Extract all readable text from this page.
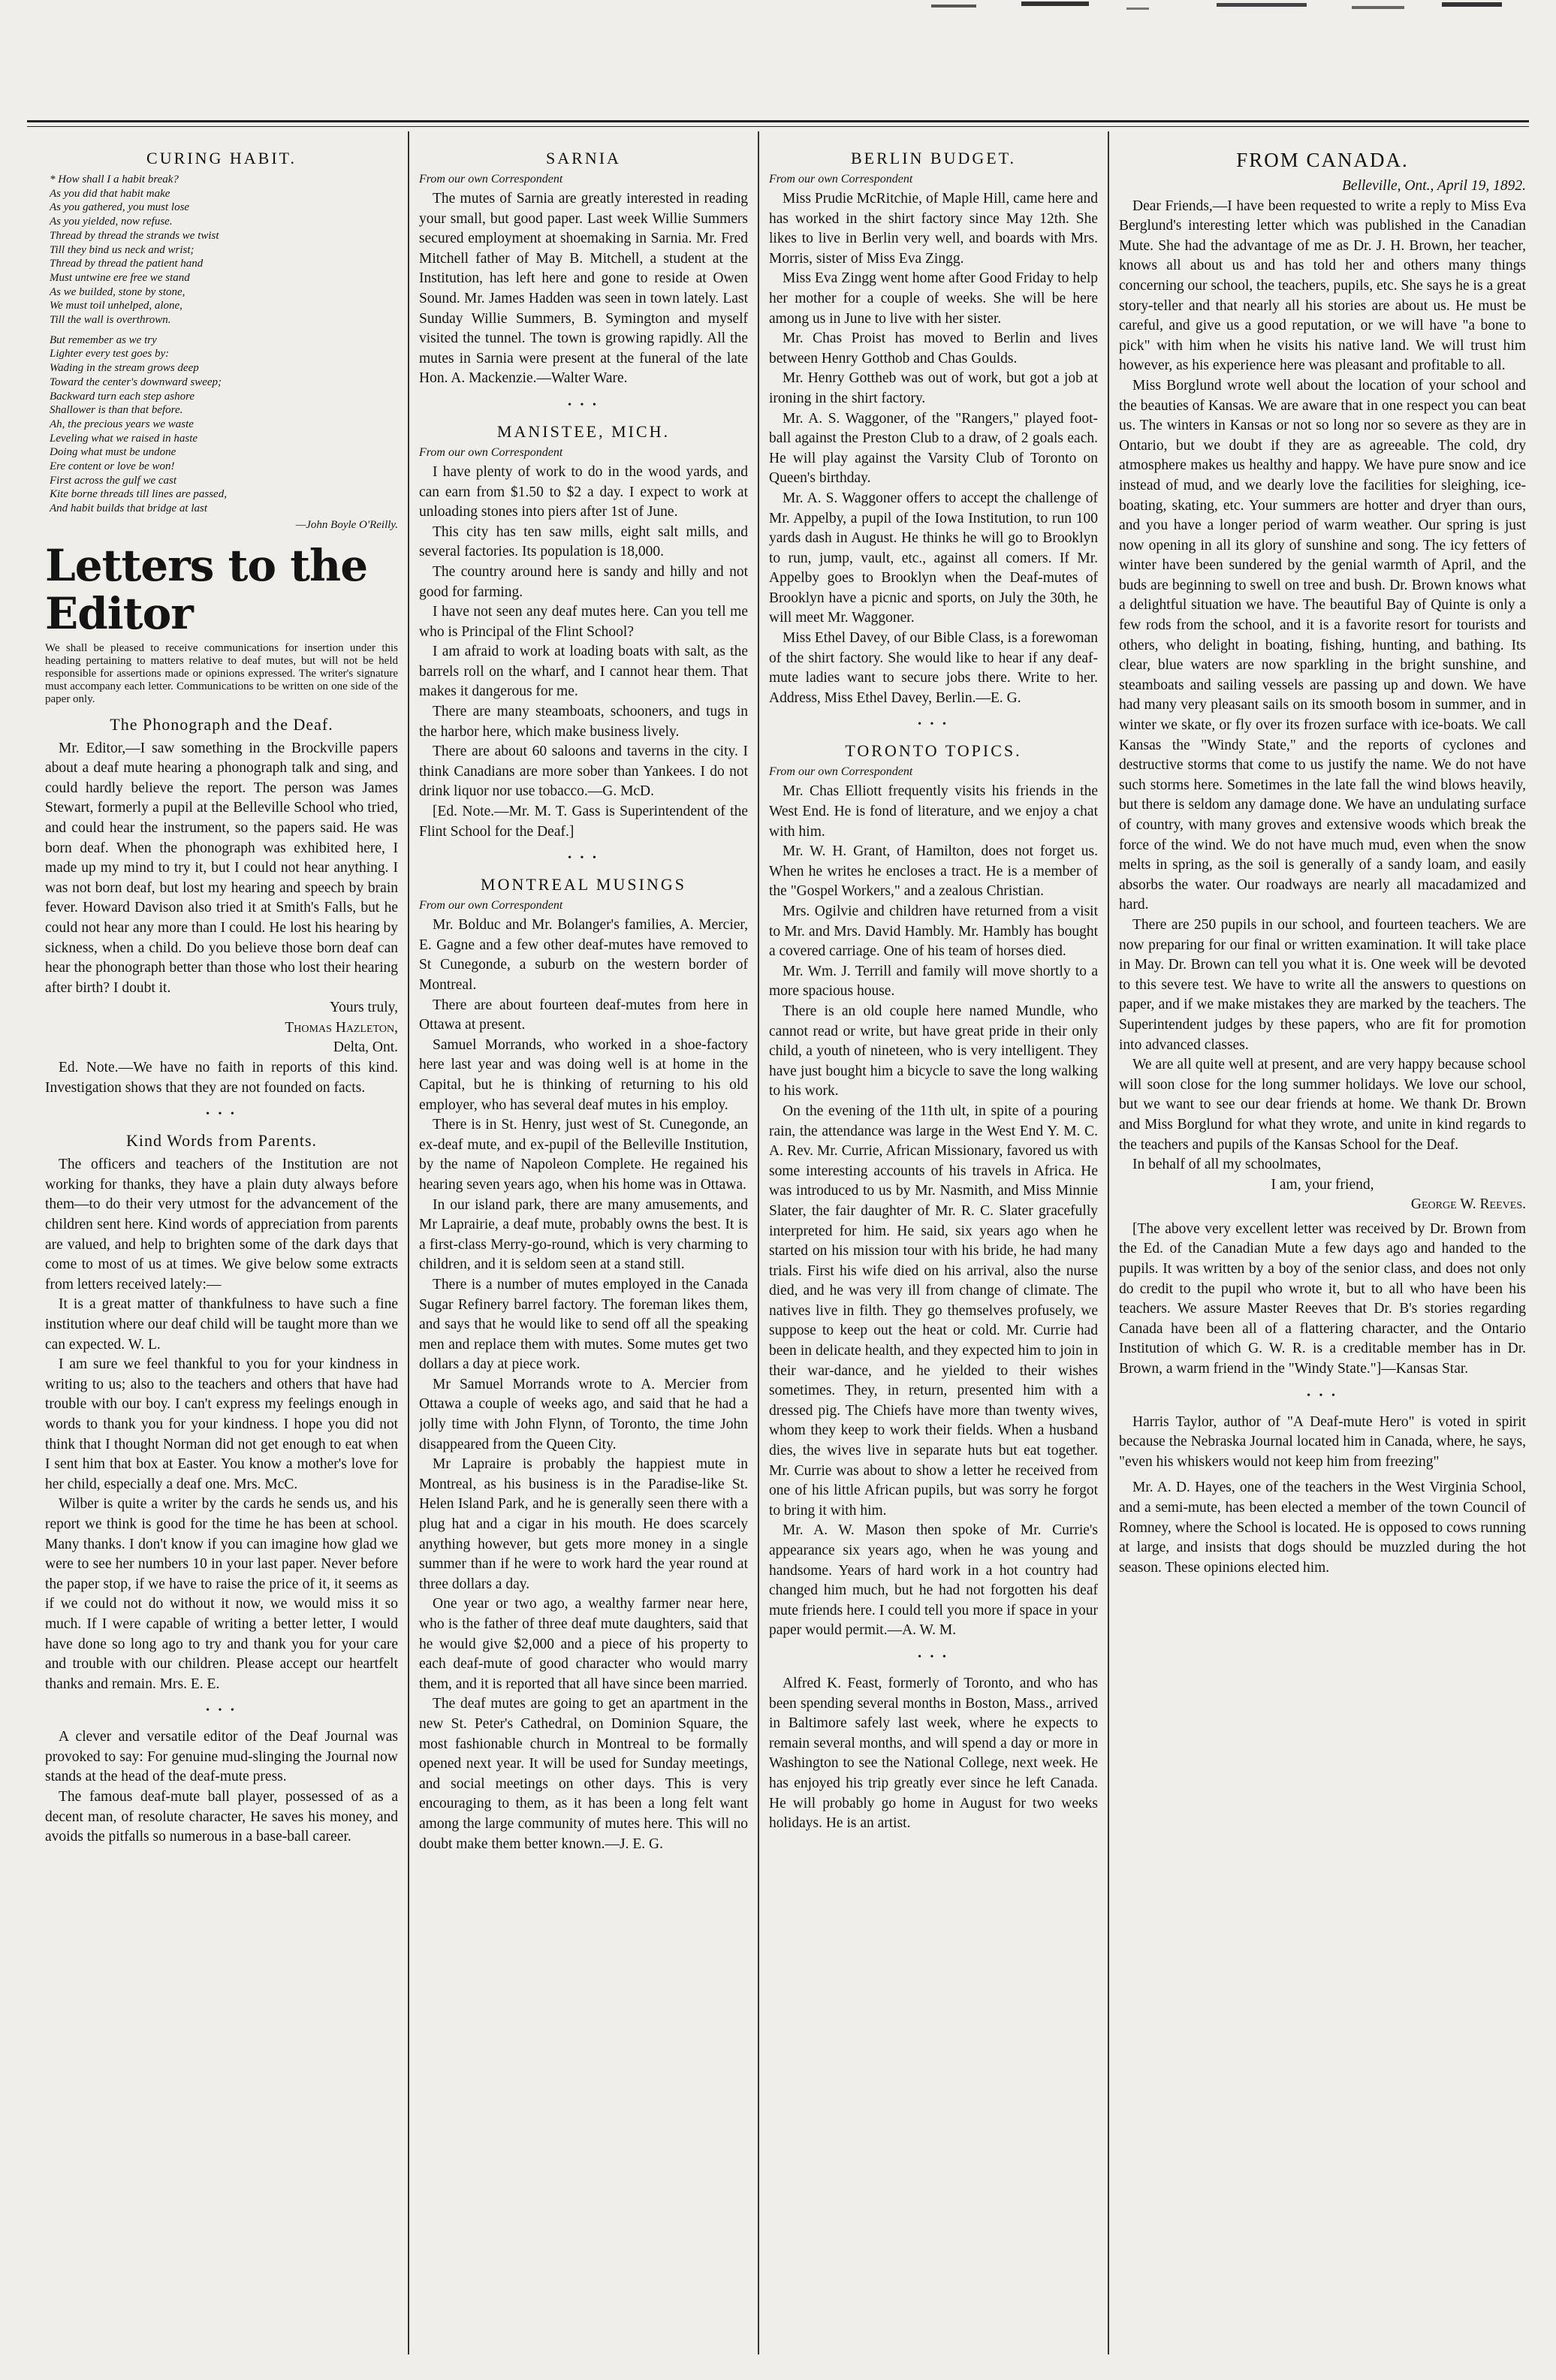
CURING HABIT.

* How shall I a habit break?

As you did that habit make

As you gathered, you must lose

As you yielded, now refuse.

Thread by thread the strands we twist

Till they bind us neck and wrist;

Thread by thread the patient hand

Must untwine ere free we stand

As we builded, stone by stone,

We must toil unhelped, alone,

Till the wall is overthrown.

But remember as we try

Lighter every test goes by:

Wading in the stream grows deep

Toward the center's downward sweep;

Backward turn each step ashore

Shallower is than that before.

Ah, the precious years we waste

Leveling what we raised in haste

Doing what must be undone

Ere content or love be won!

First across the gulf we cast

Kite borne threads till lines are passed,

And habit builds that bridge at last

—John Boyle O'Reilly.

Letters to the Editor
We shall be pleased to receive communications for insertion under this heading pertaining to matters relative to deaf mutes, but will not be held responsible for assertions made or opinions expressed. The writer's signature must accompany each letter. Communications to be written on one side of the paper only.
The Phonograph and the Deaf.

Mr. Editor,—I saw something in the Brockville papers about a deaf mute hearing a phonograph talk and sing, and could hardly believe the report. The person was James Stewart, formerly a pupil at the Belleville School who tried, and could hear the instrument, so the papers said. He was born deaf. When the phonograph was exhibited here, I made up my mind to try it, but I could not hear anything. I was not born deaf, but lost my hearing and speech by brain fever. Howard Davison also tried it at Smith's Falls, but he could not hear any more than I could. He lost his hearing by sickness, when a child. Do you believe those born deaf can hear the phonograph better than those who lost their hearing after birth? I doubt it.

Yours truly,

Thomas Hazleton,

Delta, Ont.

Ed. Note.—We have no faith in reports of this kind. Investigation shows that they are not founded on facts.

• • •
Kind Words from Parents.

The officers and teachers of the Institution are not working for thanks, they have a plain duty always before them—to do their very utmost for the advancement of the children sent here. Kind words of appreciation from parents are valued, and help to brighten some of the dark days that come to most of us at times. We give below some extracts from letters received lately:—

It is a great matter of thankfulness to have such a fine institution where our deaf child will be taught more than we can expected. W. L.

I am sure we feel thankful to you for your kindness in writing to us; also to the teachers and others that have had trouble with our boy. I can't express my feelings enough in words to thank you for your kindness. I hope you did not think that I thought Norman did not get enough to eat when I sent him that box at Easter. You know a mother's love for her child, especially a deaf one. Mrs. McC.

Wilber is quite a writer by the cards he sends us, and his report we think is good for the time he has been at school. Many thanks. I don't know if you can imagine how glad we were to see her numbers 10 in your last paper. Never before the paper stop, if we have to raise the price of it, it seems as if we could not do without it now, we would miss it so much. If I were capable of writing a better letter, I would have done so long ago to try and thank you for your care and trouble with our children. Please accept our heartfelt thanks and remain. Mrs. E. E.

• • •

A clever and versatile editor of the Deaf Journal was provoked to say: For genuine mud-slinging the Journal now stands at the head of the deaf-mute press.

The famous deaf-mute ball player, possessed of as a decent man, of resolute character, He saves his money, and avoids the pitfalls so numerous in a base-ball career.

SARNIA
From our own Correspondent

The mutes of Sarnia are greatly interested in reading your small, but good paper. Last week Willie Summers secured employment at shoemaking in Sarnia. Mr. Fred Mitchell father of May B. Mitchell, a student at the Institution, has left here and gone to reside at Owen Sound. Mr. James Hadden was seen in town lately. Last Sunday Willie Summers, B. Symington and myself visited the tunnel. The town is growing rapidly. All the mutes in Sarnia were present at the funeral of the late Hon. A. Mackenzie.—Walter Ware.

• • •
MANISTEE, MICH.
From our own Correspondent

I have plenty of work to do in the wood yards, and can earn from $1.50 to $2 a day. I expect to work at unloading stones into piers after 1st of June.

This city has ten saw mills, eight salt mills, and several factories. Its population is 18,000.

The country around here is sandy and hilly and not good for farming.

I have not seen any deaf mutes here. Can you tell me who is Principal of the Flint School?

I am afraid to work at loading boats with salt, as the barrels roll on the wharf, and I cannot hear them. That makes it dangerous for me.

There are many steamboats, schooners, and tugs in the harbor here, which make business lively.

There are about 60 saloons and taverns in the city. I think Canadians are more sober than Yankees. I do not drink liquor nor use tobacco.—G. McD.

[Ed. Note.—Mr. M. T. Gass is Superintendent of the Flint School for the Deaf.]

• • •
MONTREAL MUSINGS
From our own Correspondent

Mr. Bolduc and Mr. Bolanger's families, A. Mercier, E. Gagne and a few other deaf-mutes have removed to St Cunegonde, a suburb on the western border of Montreal.

There are about fourteen deaf-mutes from here in Ottawa at present.

Samuel Morrands, who worked in a shoe-factory here last year and was doing well is at home in the Capital, but he is thinking of returning to his old employer, who has several deaf mutes in his employ.

There is in St. Henry, just west of St. Cunegonde, an ex-deaf mute, and ex-pupil of the Belleville Institution, by the name of Napoleon Complete. He regained his hearing seven years ago, when his home was in Ottawa.

In our island park, there are many amusements, and Mr Laprairie, a deaf mute, probably owns the best. It is a first-class Merry-go-round, which is very charming to children, and it is seldom seen at a stand still.

There is a number of mutes employed in the Canada Sugar Refinery barrel factory. The foreman likes them, and says that he would like to send off all the speaking men and replace them with mutes. Some mutes get two dollars a day at piece work.

Mr Samuel Morrands wrote to A. Mercier from Ottawa a couple of weeks ago, and said that he had a jolly time with John Flynn, of Toronto, the time John disappeared from the Queen City.

Mr Lapraire is probably the happiest mute in Montreal, as his business is in the Paradise-like St. Helen Island Park, and he is generally seen there with a plug hat and a cigar in his mouth. He does scarcely anything however, but gets more money in a single summer than if he were to work hard the year round at three dollars a day.

One year or two ago, a wealthy farmer near here, who is the father of three deaf mute daughters, said that he would give $2,000 and a piece of his property to each deaf-mute of good character who would marry them, and it is reported that all have since been married.

The deaf mutes are going to get an apartment in the new St. Peter's Cathedral, on Dominion Square, the most fashionable church in Montreal to be formally opened next year. It will be used for Sunday meetings, and social meetings on other days. This is very encouraging to them, as it has been a long felt want among the large community of mutes here. This will no doubt make them better known.—J. E. G.

BERLIN BUDGET.
From our own Correspondent

Miss Prudie McRitchie, of Maple Hill, came here and has worked in the shirt factory since May 12th. She likes to live in Berlin very well, and boards with Mrs. Morris, sister of Miss Eva Zingg.

Miss Eva Zingg went home after Good Friday to help her mother for a couple of weeks. She will be here among us in June to live with her sister.

Mr. Chas Proist has moved to Berlin and lives between Henry Gotthob and Chas Goulds.

Mr. Henry Gottheb was out of work, but got a job at ironing in the shirt factory.

Mr. A. S. Waggoner, of the "Rangers," played foot-ball against the Preston Club to a draw, of 2 goals each. He will play against the Varsity Club of Toronto on Queen's birthday.

Mr. A. S. Waggoner offers to accept the challenge of Mr. Appelby, a pupil of the Iowa Institution, to run 100 yards dash in August. He thinks he will go to Brooklyn to run, jump, vault, etc., against all comers. If Mr. Appelby goes to Brooklyn when the Deaf-mutes of Brooklyn have a picnic and sports, on July the 30th, he will meet Mr. Waggoner.

Miss Ethel Davey, of our Bible Class, is a forewoman of the shirt factory. She would like to hear if any deaf-mute ladies want to secure jobs there. Write to her. Address, Miss Ethel Davey, Berlin.—E. G.

• • •
TORONTO TOPICS.
From our own Correspondent

Mr. Chas Elliott frequently visits his friends in the West End. He is fond of literature, and we enjoy a chat with him.

Mr. W. H. Grant, of Hamilton, does not forget us. When he writes he encloses a tract. He is a member of the "Gospel Workers," and a zealous Christian.

Mrs. Ogilvie and children have returned from a visit to Mr. and Mrs. David Hambly. Mr. Hambly has bought a covered carriage. One of his team of horses died.

Mr. Wm. J. Terrill and family will move shortly to a more spacious house.

There is an old couple here named Mundle, who cannot read or write, but have great pride in their only child, a youth of nineteen, who is very intelligent. They have just bought him a bicycle to save the long walking to his work.

On the evening of the 11th ult, in spite of a pouring rain, the attendance was large in the West End Y. M. C. A. Rev. Mr. Currie, African Missionary, favored us with some interesting accounts of his travels in Africa. He was introduced to us by Mr. Nasmith, and Miss Minnie Slater, the fair daughter of Mr. R. C. Slater gracefully interpreted for him. He said, six years ago when he started on his mission tour with his bride, he had many trials. First his wife died on his arrival, also the nurse died, and he was very ill from change of climate. The natives live in filth. They go themselves profusely, we suppose to keep out the heat or cold. Mr. Currie had been in delicate health, and they expected him to join in their war-dance, and he yielded to their wishes sometimes. They, in return, presented him with a dressed pig. The Chiefs have more than twenty wives, whom they keep to work their fields. When a husband dies, the wives live in separate huts but eat together. Mr. Currie was about to show a letter he received from one of his little African pupils, but was sorry he forgot to bring it with him.

Mr. A. W. Mason then spoke of Mr. Currie's appearance six years ago, when he was young and handsome. Years of hard work in a hot country had changed him much, but he had not forgotten his deaf mute friends here. I could tell you more if space in your paper would permit.—A. W. M.

• • •

Alfred K. Feast, formerly of Toronto, and who has been spending several months in Boston, Mass., arrived in Baltimore safely last week, where he expects to remain several months, and will spend a day or more in Washington to see the National College, next week. He has enjoyed his trip greatly ever since he left Canada. He will probably go home in August for two weeks holidays. He is an artist.

FROM CANADA.

Belleville, Ont., April 19, 1892.

Dear Friends,—I have been requested to write a reply to Miss Eva Berglund's interesting letter which was published in the Canadian Mute. She had the advantage of me as Dr. J. H. Brown, her teacher, knows all about us and has told her and others many things concerning our school, the teachers, pupils, etc. She says he is a great story-teller and that nearly all his stories are about us. He must be careful, and give us a good reputation, or we will have "a bone to pick" with him when he visits his native land. We will trust him however, as his experience here was pleasant and profitable to all.

Miss Borglund wrote well about the location of your school and the beauties of Kansas. We are aware that in one respect you can beat us. The winters in Kansas or not so long nor so severe as they are in Ontario, but we doubt if they are as agreeable. The cold, dry atmosphere makes us healthy and happy. We have pure snow and ice instead of mud, and we dearly love the facilities for sleighing, ice-boating, skating, etc. Your summers are hotter and dryer than ours, and you have a longer period of warm weather. Our spring is just now opening in all its glory of sunshine and song. The icy fetters of winter have been sundered by the genial warmth of April, and the buds are beginning to swell on tree and bush. Dr. Brown knows what a delightful situation we have. The beautiful Bay of Quinte is only a few rods from the school, and it is a favorite resort for tourists and others, who delight in boating, fishing, hunting, and bathing. Its clear, blue waters are now sparkling in the bright sunshine, and steamboats and sailing vessels are passing up and down. We have had many very pleasant sails on its smooth bosom in summer, and in winter we skate, or fly over its frozen surface with ice-boats. We call Kansas the "Windy State," and the reports of cyclones and destructive storms that come to us justify the name. We do not have such storms here. Sometimes in the late fall the wind blows heavily, but there is seldom any damage done. We have an undulating surface of country, with many groves and extensive woods which break the force of the wind. We do not have much mud, even when the snow melts in spring, as the soil is generally of a sandy loam, and easily absorbs the water. Our roadways are nearly all macadamized and hard.

There are 250 pupils in our school, and fourteen teachers. We are now preparing for our final or written examination. It will take place in May. Dr. Brown can tell you what it is. One week will be devoted to this severe test. We have to write all the answers to questions on paper, and if we make mistakes they are marked by the teachers. The Superintendent judges by these papers, who are fit for promotion into advanced classes.

We are all quite well at present, and are very happy because school will soon close for the long summer holidays. We love our school, but we want to see our dear friends at home. We thank Dr. Brown and Miss Borglund for what they wrote, and unite in kind regards to the teachers and pupils of the Kansas School for the Deaf.

In behalf of all my schoolmates,

I am, your friend,

George W. Reeves.

[The above very excellent letter was received by Dr. Brown from the Ed. of the Canadian Mute a few days ago and handed to the pupils. It was written by a boy of the senior class, and does not only do credit to the pupil who wrote it, but to all who have been his teachers. We assure Master Reeves that Dr. B's stories regarding Canada have been all of a flattering character, and the Ontario Institution of which G. W. R. is a creditable member has in Dr. Brown, a warm friend in the "Windy State."]—Kansas Star.

• • •

Harris Taylor, author of "A Deaf-mute Hero" is voted in spirit because the Nebraska Journal located him in Canada, where, he says, "even his whiskers would not keep him from freezing"

Mr. A. D. Hayes, one of the teachers in the West Virginia School, and a semi-mute, has been elected a member of the town Council of Romney, where the School is located. He is opposed to cows running at large, and insists that dogs should be muzzled during the hot season. These opinions elected him.
